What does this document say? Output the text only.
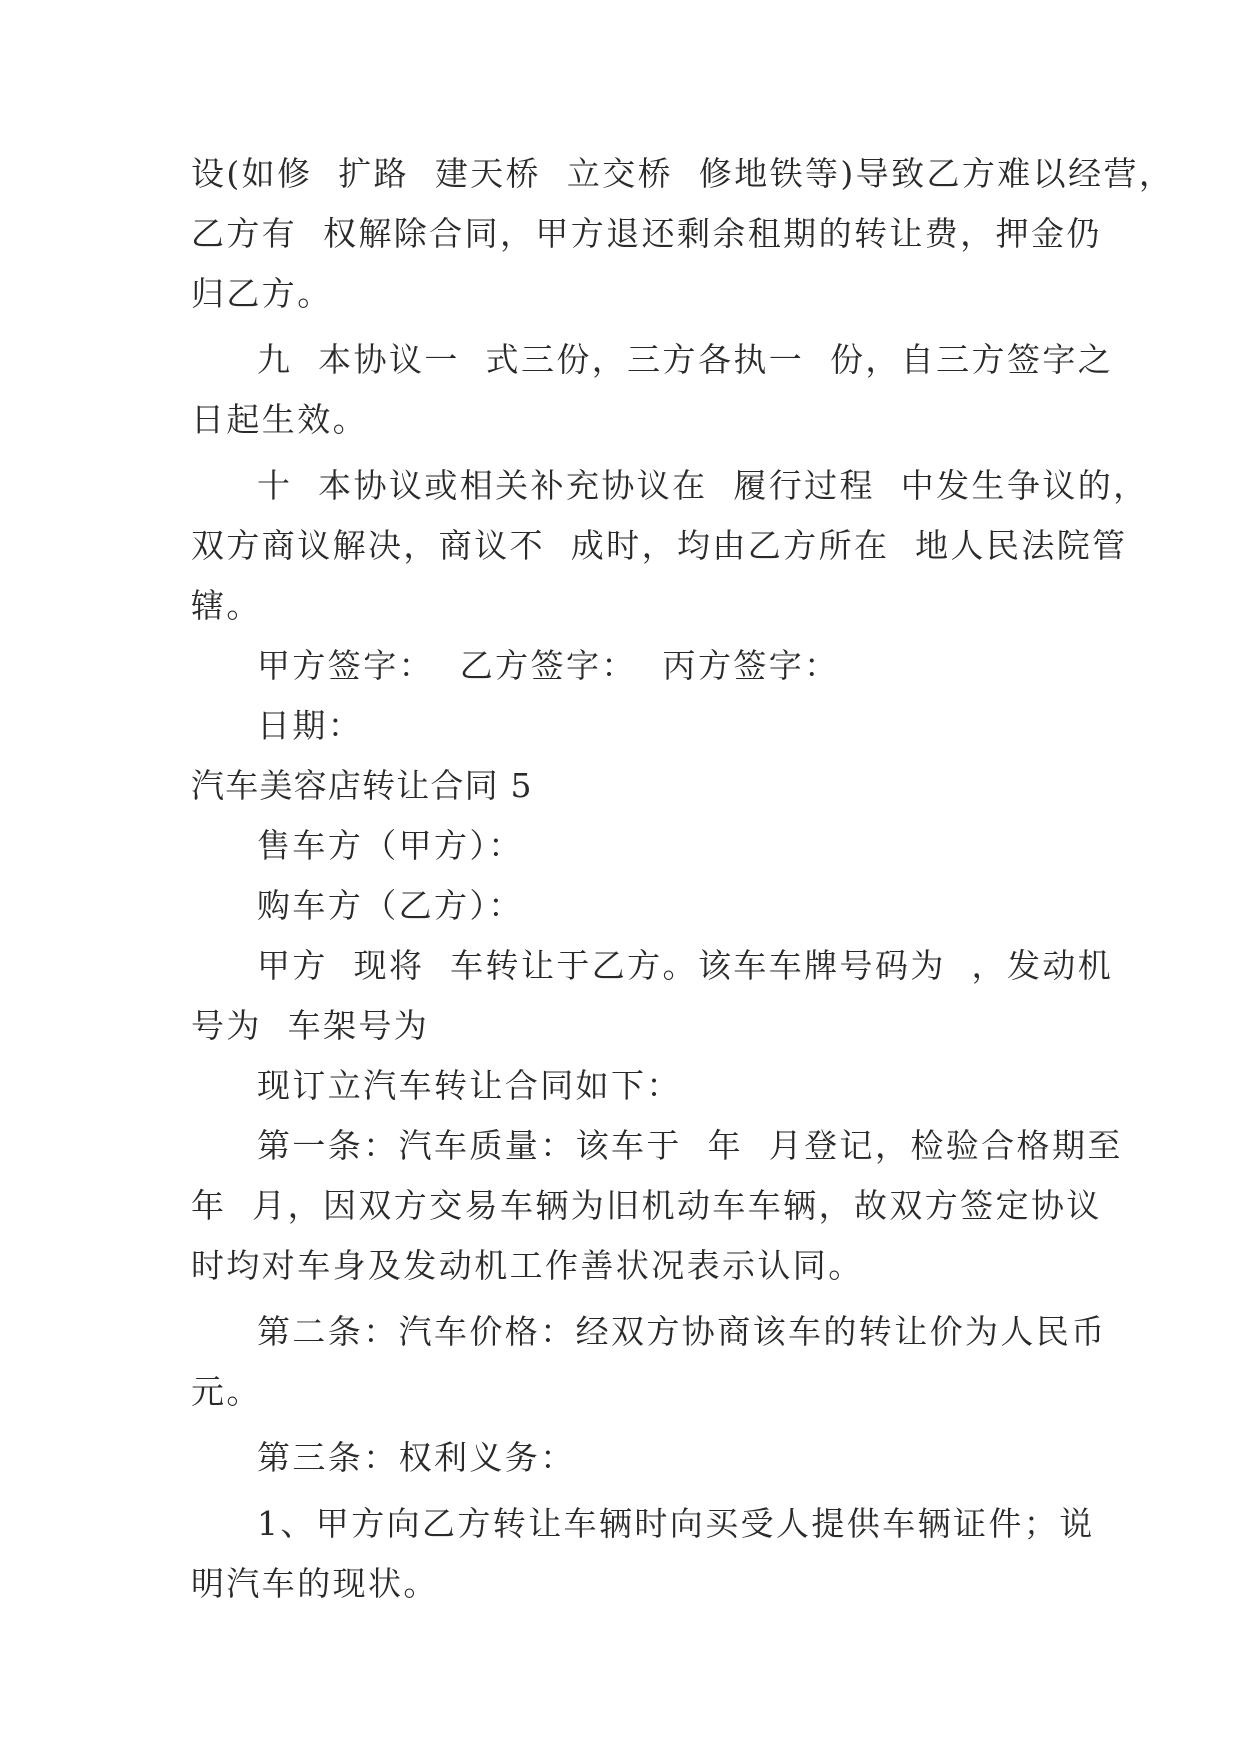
设(如修  扩路  建天桥  立交桥  修地铁等)导致乙方难以经营，
乙方有  权解除合同，甲方退还剩余租期的转让费，押金仍
归乙方。
九  本协议一  式三份，三方各执一  份，自三方签字之
日起生效。
十  本协议或相关补充协议在  履行过程  中发生争议的，
双方商议解决，商议不  成时，均由乙方所在  地人民法院管
辖。
甲方签字：  乙方签字：  丙方签字：
日期：
汽车美容店转让合同 5
售车方（甲方）：
购车方（乙方）：
甲方  现将  车转让于乙方。该车车牌号码为  ，发动机
号为  车架号为
现订立汽车转让合同如下：
第一条：汽车质量：该车于  年  月登记，检验合格期至
年  月，因双方交易车辆为旧机动车车辆，故双方签定协议
时均对车身及发动机工作善状况表示认同。
第二条：汽车价格：经双方协商该车的转让价为人民币
元。
第三条：权利义务：
1、甲方向乙方转让车辆时向买受人提供车辆证件；说
明汽车的现状。
